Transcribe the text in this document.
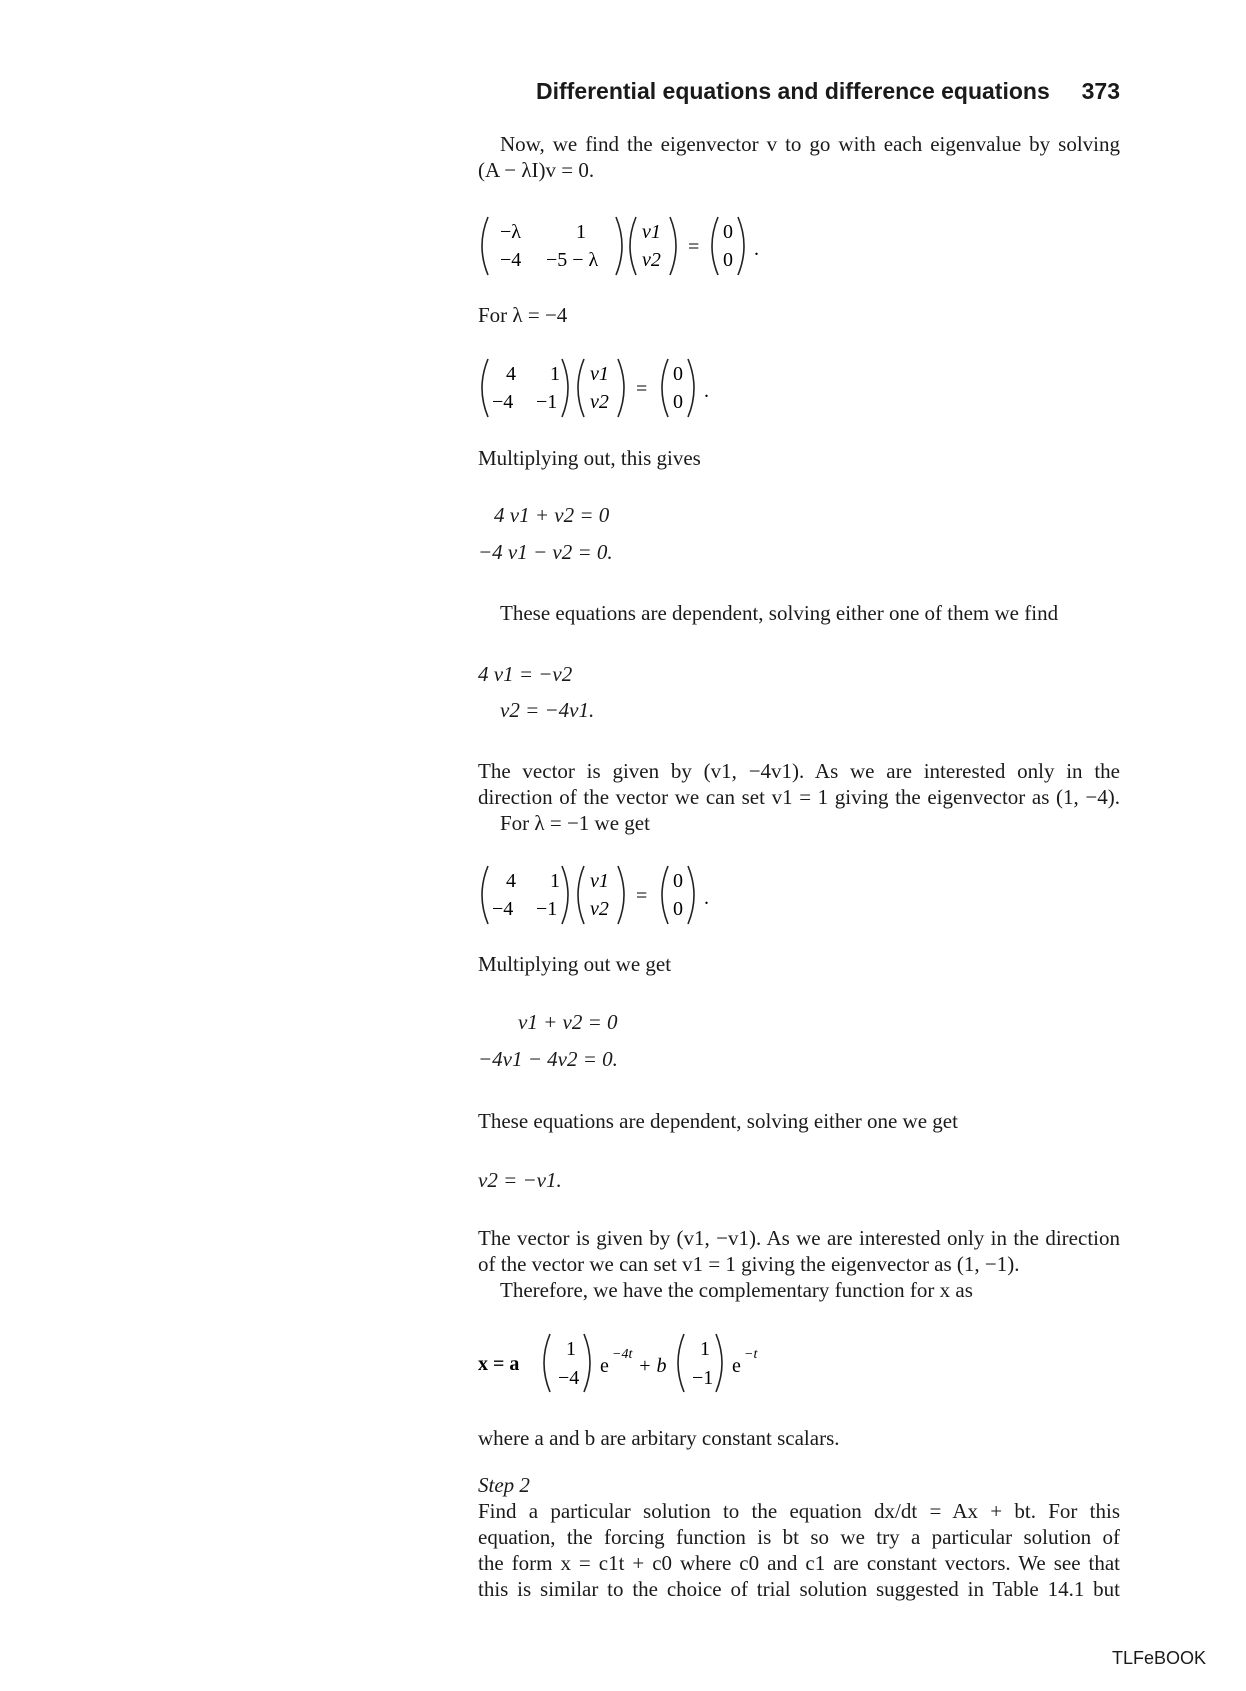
Differential equations and difference equations 373
Now, we find the eigenvector v to go with each eigenvalue by solving
(A − λI)v = 0.
−λ	1
−4 −5 − λ
v1
v2
=
0
0 .
For λ = −4
4 1
−4 −1
v1
v2
=
0
0 .
Multiplying out, this gives
4 v1 + v2 = 0
−4 v1 − v2 = 0.
These equations are dependent, solving either one of them we find
4 v1 = −v2
v2 = −4v1.
The vector is given by (v1, −4v1). As we are interested only in the
direction of the vector we can set v1 = 1 giving the eigenvector as (1, −4).
For λ = −1 we get
4 1
−4 −1
v1
v2
=
0
0 .
Multiplying out we get
v1 + v2 = 0
−4v1 − 4v2 = 0.
These equations are dependent, solving either one we get
v2 = −v1.
The vector is given by (v1, −v1). As we are interested only in the direction
of the vector we can set v1 = 1 giving the eigenvector as (1, −1).
Therefore, we have the complementary function for x as
x = a
1
−4
e
−4t
+ b
1
−1
e
−t
where a and b are arbitary constant scalars.
Step 2
Find a particular solution to the equation dx/dt = Ax + bt. For this
equation, the forcing function is bt so we try a particular solution of
the form x = c1t + c0 where c0 and c1 are constant vectors. We see that
this is similar to the choice of trial solution suggested in Table 14.1 but
TLFeBOOK
